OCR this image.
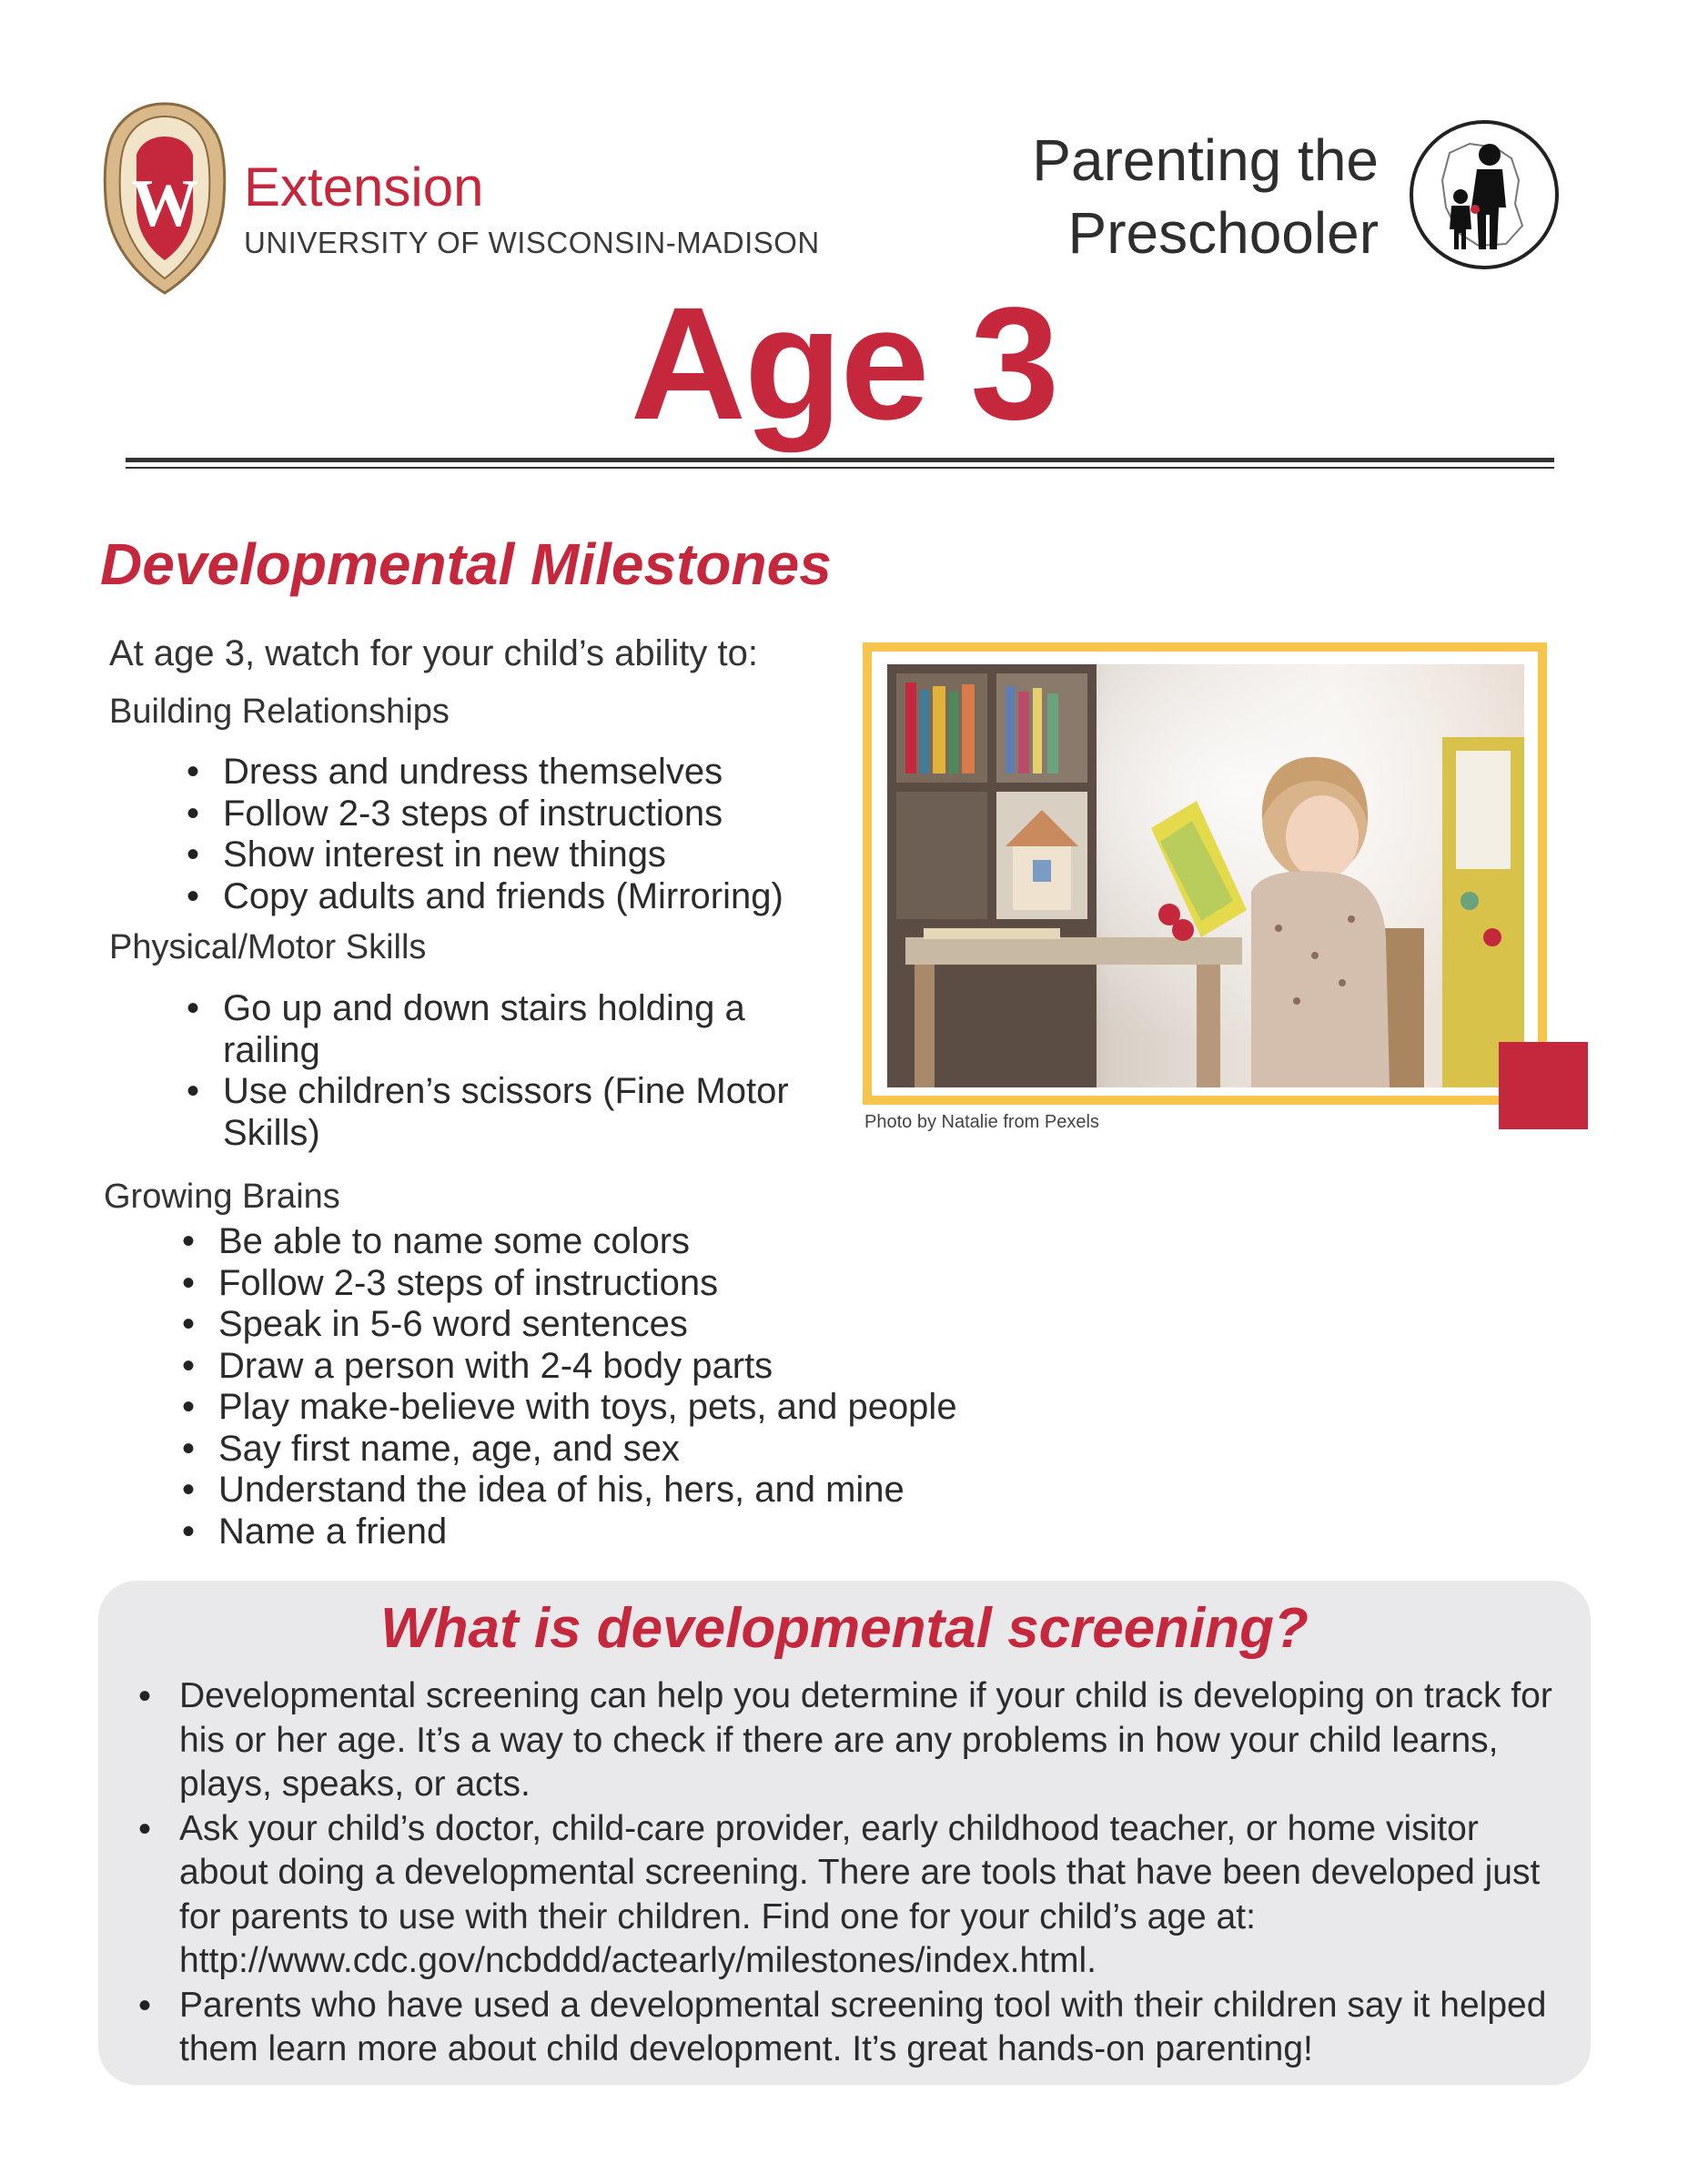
W Extension
UNIVERSITY OF WISCONSIN-MADISON
Parenting the
Preschooler
Age 3
Developmental Milestones
At age 3, watch for your child’s ability to:
Building Relationships
• Dress and undress themselves
• Follow 2-3 steps of instructions
• Show interest in new things
• Copy adults and friends (Mirroring)
Physical/Motor Skills
• Go up and down stairs holding a railing
• Use children’s scissors (Fine Motor Skills)
Growing Brains
• Be able to name some colors
• Follow 2-3 steps of instructions
• Speak in 5-6 word sentences
• Draw a person with 2-4 body parts
• Play make-believe with toys, pets, and people
• Say first name, age, and sex
• Understand the idea of his, hers, and mine
• Name a friend
Photo by Natalie from Pexels
What is developmental screening?
• Developmental screening can help you determine if your child is developing on track for his or her age. It’s a way to check if there are any problems in how your child learns, plays, speaks, or acts.
• Ask your child’s doctor, child-care provider, early childhood teacher, or home visitor about doing a developmental screening. There are tools that have been developed just for parents to use with their children. Find one for your child’s age at: http://www.cdc.gov/ncbddd/actearly/milestones/index.html.
• Parents who have used a developmental screening tool with their children say it helped them learn more about child development. It’s great hands-on parenting!
